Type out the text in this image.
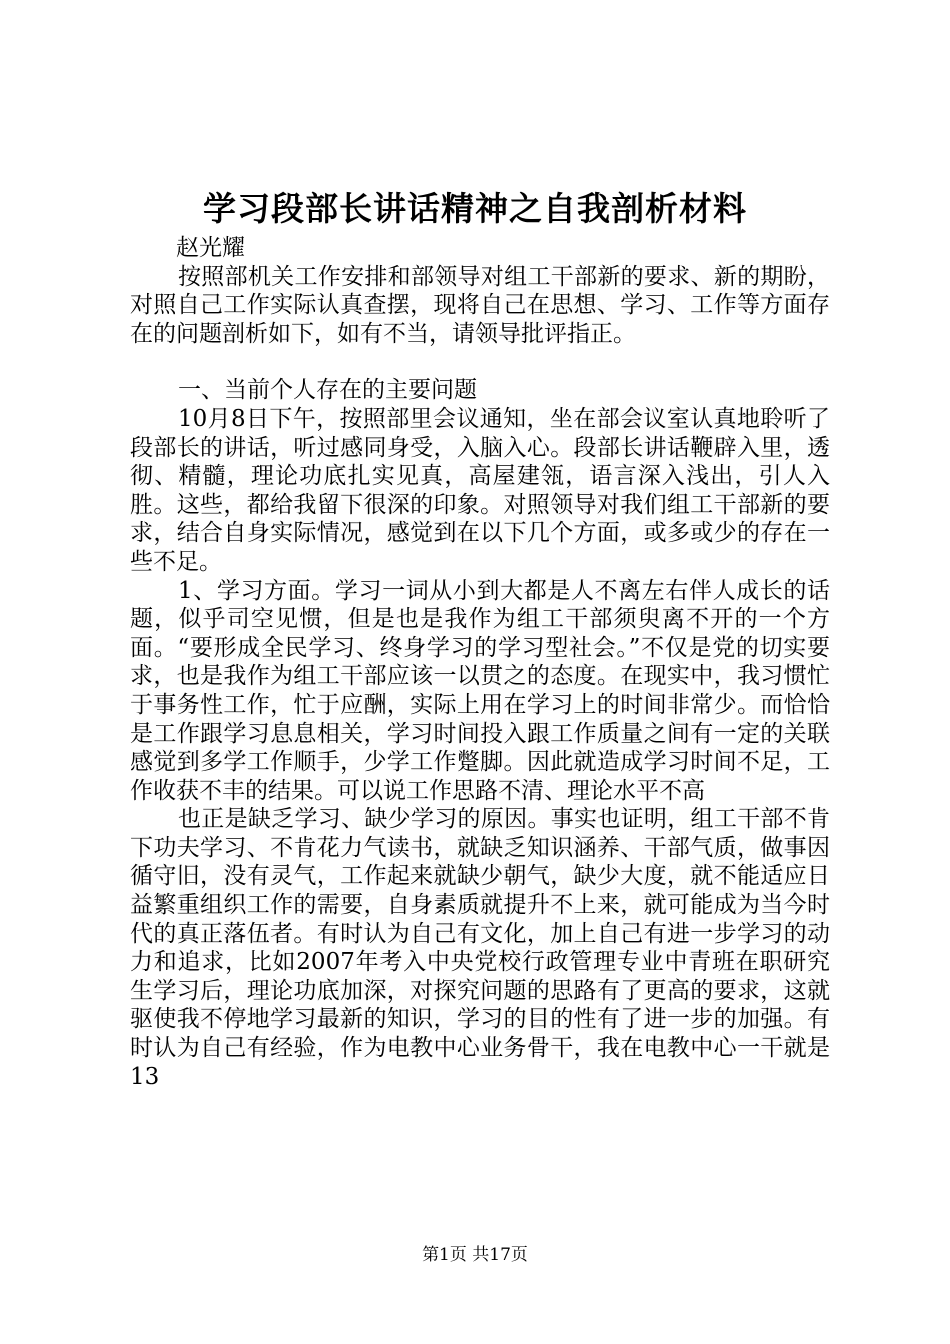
学习段部长讲话精神之自我剖析材料

赵光耀

按照部机关工作安排和部领导对组工干部新的要求、新的期盼，对照自己工作实际认真查摆，现将自己在思想、学习、工作等方面存在的问题剖析如下，如有不当，请领导批评指正。

一、当前个人存在的主要问题

10月8日下午，按照部里会议通知，坐在部会议室认真地聆听了段部长的讲话，听过感同身受，入脑入心。段部长讲话鞭辟入里，透彻、精髓，理论功底扎实见真，高屋建瓴，语言深入浅出，引人入胜。这些，都给我留下很深的印象。对照领导对我们组工干部新的要求，结合自身实际情况，感觉到在以下几个方面，或多或少的存在一些不足。

1、学习方面。学习一词从小到大都是人不离左右伴人成长的话题，似乎司空见惯，但是也是我作为组工干部须臾离不开的一个方面。“要形成全民学习、终身学习的学习型社会。”不仅是党的切实要求，也是我作为组工干部应该一以贯之的态度。在现实中，我习惯忙于事务性工作，忙于应酬，实际上用在学习上的时间非常少。而恰恰是工作跟学习息息相关，学习时间投入跟工作质量之间有一定的关联感觉到多学工作顺手，少学工作蹩脚。因此就造成学习时间不足，工作收获不丰的结果。可以说工作思路不清、理论水平不高

也正是缺乏学习、缺少学习的原因。事实也证明，组工干部不肯下功夫学习、不肯花力气读书，就缺乏知识涵养、干部气质，做事因循守旧，没有灵气，工作起来就缺少朝气，缺少大度，就不能适应日益繁重组织工作的需要，自身素质就提升不上来，就可能成为当今时代的真正落伍者。有时认为自己有文化，加上自己有进一步学习的动力和追求，比如2007年考入中央党校行政管理专业中青班在职研究生学习后，理论功底加深，对探究问题的思路有了更高的要求，这就驱使我不停地学习最新的知识，学习的目的性有了进一步的加强。有时认为自己有经验，作为电教中心业务骨干，我在电教中心一干就是13

第1页 共17页
